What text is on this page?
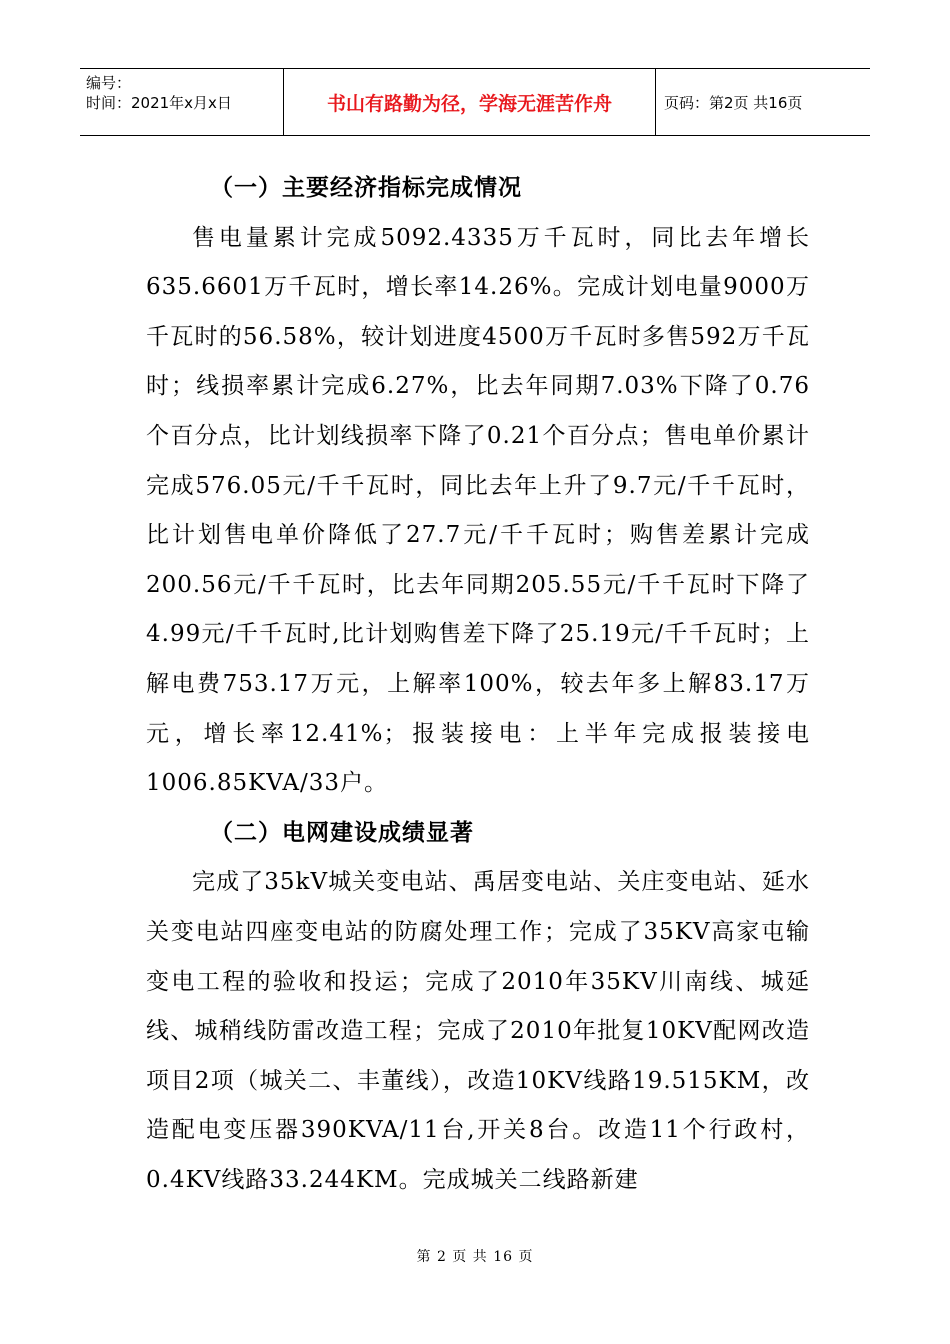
编号：
时间：2021年x月x日	书山有路勤为径，学海无涯苦作舟	页码：第2页 共16页

（一）主要经济指标完成情况

售电量累计完成5092.4335万千瓦时，同比去年增长635.6601万千瓦时，增长率14.26%。完成计划电量9000万千瓦时的56.58%，较计划进度4500万千瓦时多售592万千瓦时；线损率累计完成6.27%，比去年同期7.03%下降了0.76个百分点，比计划线损率下降了0.21个百分点；售电单价累计完成576.05元/千千瓦时，同比去年上升了9.7元/千千瓦时，比计划售电单价降低了27.7元/千千瓦时；购售差累计完成200.56元/千千瓦时，比去年同期205.55元/千千瓦时下降了4.99元/千千瓦时,比计划购售差下降了25.19元/千千瓦时；上解电费753.17万元，上解率100%，较去年多上解83.17万元，增长率12.41%；报装接电：上半年完成报装接电1006.85KVA/33户。

（二）电网建设成绩显著

完成了35kV城关变电站、禹居变电站、关庄变电站、延水关变电站四座变电站的防腐处理工作；完成了35KV高家屯输变电工程的验收和投运；完成了2010年35KV川南线、城延线、城稍线防雷改造工程；完成了2010年批复10KV配网改造项目2项（城关二、丰董线），改造10KV线路19.515KM，改造配电变压器390KVA/11台,开关8台。改造11个行政村，0.4KV线路33.244KM。完成城关二线路新建

第 2 页 共 16 页
